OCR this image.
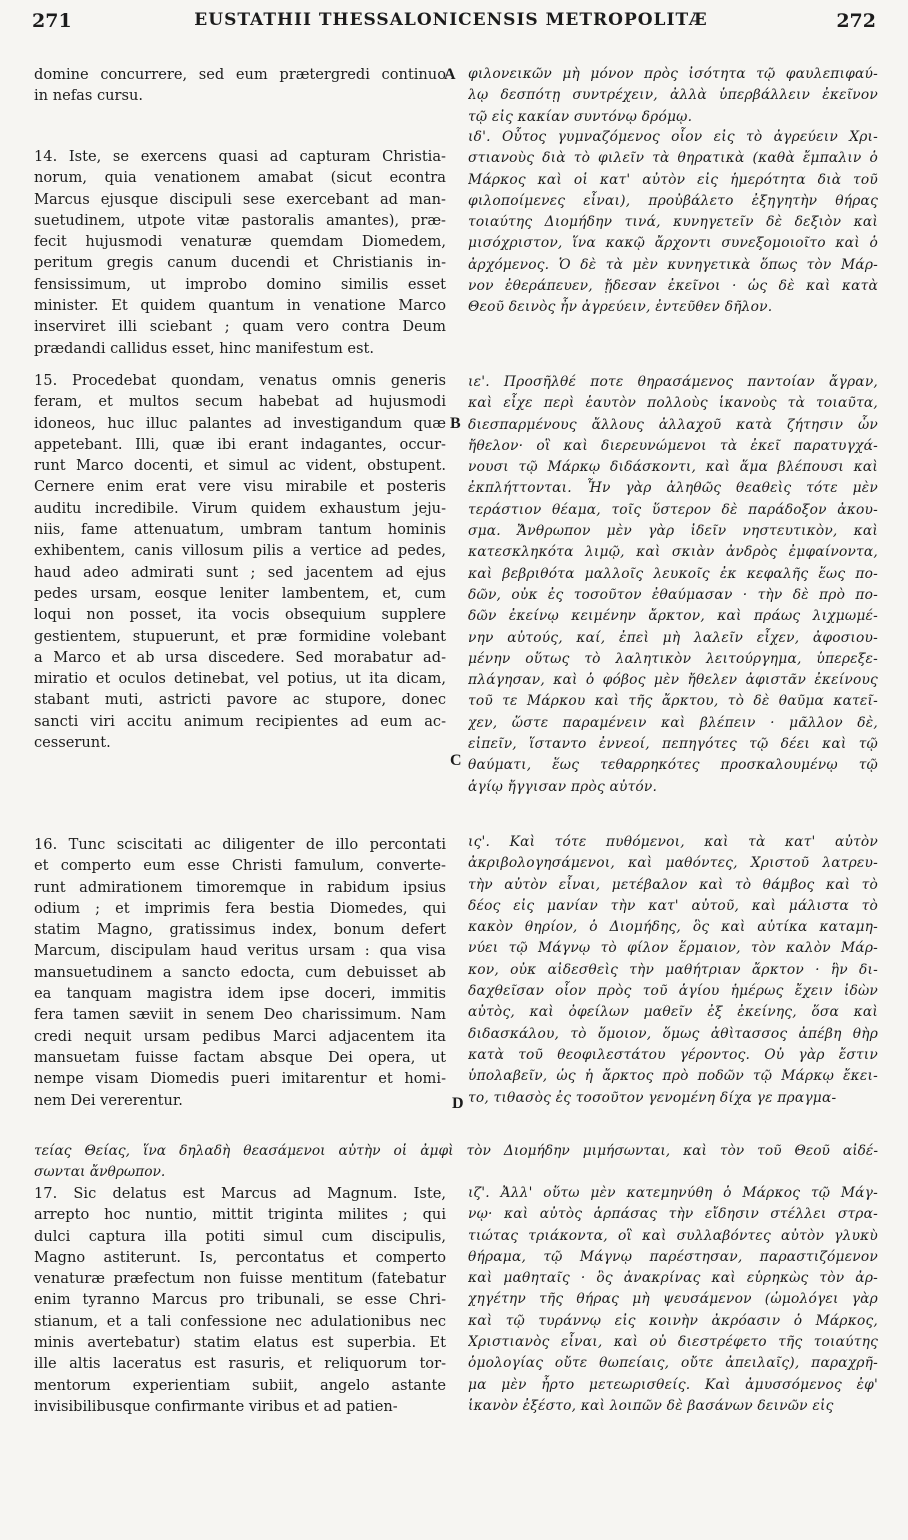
271	EUSTATHII THESSALONICENSIS METROPOLITÆ	272
A
B
C
D
domine concurrere, sed eum prætergredi continuo
in nefas cursu.
14. Iste, se exercens quasi ad capturam Christia-
norum, quia venationem amabat (sicut econtra
Marcus ejusque discipuli sese exercebant ad man-
suetudinem, utpote vitæ pastoralis amantes), præ-
fecit hujusmodi venaturæ quemdam Diomedem,
peritum gregis canum ducendi et Christianis in-
fensissimum, ut improbo domino similis esset
minister. Et quidem quantum in venatione Marco
inserviret illi sciebant ; quam vero contra Deum
prædandi callidus esset, hinc manifestum est.
15. Procedebat quondam, venatus omnis generis
feram, et multos secum habebat ad hujusmodi
idoneos, huc illuc palantes ad investigandum quæ
appetebant. Illi, quæ ibi erant indagantes, occur-
runt Marco docenti, et simul ac vident, obstupent.
Cernere enim erat vere visu mirabile et posteris
auditu incredibile. Virum quidem exhaustum jeju-
niis, fame attenuatum, umbram tantum hominis
exhibentem, canis villosum pilis a vertice ad pedes,
haud adeo admirati sunt ; sed jacentem ad ejus
pedes ursam, eosque leniter lambentem, et, cum
loqui non posset, ita vocis obsequium supplere
gestientem, stupuerunt, et præ formidine volebant
a Marco et ab ursa discedere. Sed morabatur ad-
miratio et oculos detinebat, vel potius, ut ita dicam,
stabant muti, astricti pavore ac stupore, donec
sancti viri accitu animum recipientes ad eum ac-
cesserunt.
16. Tunc sciscitati ac diligenter de illo percontati
et comperto eum esse Christi famulum, converte-
runt admirationem timoremque in rabidum ipsius
odium ; et imprimis fera bestia Diomedes, qui
statim Magno, gratissimus index, bonum defert
Marcum, discipulam haud veritus ursam : qua visa
mansuetudinem a sancto edocta, cum debuisset ab
ea tanquam magistra idem ipse doceri, immitis
fera tamen sæviit in senem Deo charissimum. Nam
credi nequit ursam pedibus Marci adjacentem ita
mansuetam fuisse factam absque Dei opera, ut
nempe visam Diomedis pueri imitarentur et homi-
nem Dei vererentur.
17. Sic delatus est Marcus ad Magnum. Iste,
arrepto hoc nuntio, mittit triginta milites ; qui
dulci captura illa potiti simul cum discipulis,
Magno astiterunt. Is, percontatus et comperto
venaturæ præfectum non fuisse mentitum (fatebatur
enim tyranno Marcus pro tribunali, se esse Chri-
stianum, et a tali confessione nec adulationibus nec
minis avertebatur) statim elatus est superbia. Et
ille altis laceratus est rasuris, et reliquorum tor-
mentorum experientiam subiit, angelo astante
invisibilibusque confirmante viribus et ad patien-
φιλονεικῶν μὴ μόνον πρὸς ἰσότητα τῷ φαυλεπιφαύ-
λῳ δεσπότῃ συντρέχειν, ἀλλὰ ὑπερβάλλειν ἐκεῖνον
τῷ εἰς κακίαν συντόνῳ δρόμῳ.
ιδ'. Οὗτος γυμναζόμενος οἷον εἰς τὸ ἀγρεύειν Χρι-
στιανοὺς διὰ τὸ φιλεῖν τὰ θηρατικὰ (καθὰ ἔμπαλιν ὁ
Μάρκος καὶ οἱ κατ' αὐτὸν εἰς ἡμερότητα διὰ τοῦ
φιλοποίμενες εἶναι), προὐβάλετο ἐξηγητὴν θήρας
τοιαύτης Διομήδην τινά, κυνηγετεῖν δὲ δεξιὸν καὶ
μισόχριστον, ἵνα κακῷ ἄρχοντι συνεξομοιοῖτο καὶ ὁ
ἀρχόμενος. Ὁ δὲ τὰ μὲν κυνηγετικὰ ὅπως τὸν Μάρ-
νον ἐθεράπευεν, ᾔδεσαν ἐκεῖνοι · ὡς δὲ καὶ κατὰ
Θεοῦ δεινὸς ἦν ἀγρεύειν, ἐντεῦθεν δῆλον.
ιε'. Προσῆλθέ ποτε θηρασάμενος παντοίαν ἄγραν,
καὶ εἶχε περὶ ἑαυτὸν πολλοὺς ἱκανοὺς τὰ τοιαῦτα,
διεσπαρμένους ἄλλους ἀλλαχοῦ κατὰ ζήτησιν ὧν
ἤθελον· οἳ καὶ διερευνώμενοι τὰ ἐκεῖ παρατυγχά-
νουσι τῷ Μάρκῳ διδάσκοντι, καὶ ἅμα βλέπουσι καὶ
ἐκπλήττονται. Ἦν γὰρ ἀληθῶς θεαθεὶς τότε μὲν
τεράστιον θέαμα, τοῖς ὕστερον δὲ παράδοξον ἀκου-
σμα. Ἄνθρωπον μὲν γὰρ ἰδεῖν νηστευτικὸν, καὶ
κατεσκληκότα λιμῷ, καὶ σκιὰν ἀνδρὸς ἐμφαίνοντα,
καὶ βεβριθότα μαλλοῖς λευκοῖς ἐκ κεφαλῆς ἕως πο-
δῶν, οὐκ ἐς τοσοῦτον ἐθαύμασαν · τὴν δὲ πρὸ πο-
δῶν ἐκείνῳ κειμένην ἄρκτον, καὶ πράως λιχμωμέ-
νην αὐτούς, καί, ἐπεὶ μὴ λαλεῖν εἶχεν, ἀφοσιου-
μένην οὕτως τὸ λαλητικὸν λειτούργημα, ὑπερεξε-
πλάγησαν, καὶ ὁ φόβος μὲν ἤθελεν ἀφιστᾶν ἐκείνους
τοῦ τε Μάρκου καὶ τῆς ἄρκτου, τὸ δὲ θαῦμα κατεῖ-
χεν, ὥστε παραμένειν καὶ βλέπειν · μᾶλλον δὲ,
εἰπεῖν, ἵσταντο ἐννεοί, πεπηγότες τῷ δέει καὶ τῷ
θαύματι, ἕως τεθαρρηκότες προσκαλουμένῳ τῷ
ἁγίῳ ἤγγισαν πρὸς αὐτόν.
ις'. Καὶ τότε πυθόμενοι, καὶ τὰ κατ' αὐτὸν
ἀκριβολογησάμενοι, καὶ μαθόντες, Χριστοῦ λατρευ-
τὴν αὐτὸν εἶναι, μετέβαλον καὶ τὸ θάμβος καὶ τὸ
δέος εἰς μανίαν τὴν κατ' αὐτοῦ, καὶ μάλιστα τὸ
κακὸν θηρίον, ὁ Διομήδης, ὃς καὶ αὐτίκα καταμη-
νύει τῷ Μάγνῳ τὸ φίλον ἕρμαιον, τὸν καλὸν Μάρ-
κον, οὐκ αἰδεσθεὶς τὴν μαθήτριαν ἄρκτον · ἣν δι-
δαχθεῖσαν οἷον πρὸς τοῦ ἁγίου ἡμέρως ἔχειν ἰδὼν
αὐτὸς, καὶ ὀφείλων μαθεῖν ἐξ ἐκείνης, ὅσα καὶ
διδασκάλου, τὸ ὅμοιον, ὅμως ἀθὶτασσος ἀπέβη θὴρ
κατὰ τοῦ θεοφιλεστάτου γέροντος. Οὐ γὰρ ἔστιν
ὑπολαβεῖν, ὡς ἡ ἄρκτος πρὸ ποδῶν τῷ Μάρκῳ ἔκει-
το, τιθασὸς ἐς τοσοῦτον γενομένη δίχα γε πραγμα-
τείας Θείας, ἵνα δηλαδὴ θεασάμενοι αὐτὴν οἱ ἀμφὶ τὸν Διομήδην μιμήσωνται, καὶ τὸν τοῦ Θεοῦ αἰδέ-
σωνται ἄνθρωπον.
ιζ'. Ἀλλ' οὕτω μὲν κατεμηνύθη ὁ Μάρκος τῷ Μάγ-
νῳ· καὶ αὐτὸς ἁρπάσας τὴν εἴδησιν στέλλει στρα-
τιώτας τριάκοντα, οἳ καὶ συλλαβόντες αὐτὸν γλυκὺ
θήραμα, τῷ Μάγνῳ παρέστησαν, παραστιζόμενον
καὶ μαθηταῖς · ὃς ἀνακρίνας καὶ εὑρηκὼς τὸν ἀρ-
χηγέτην τῆς θήρας μὴ ψευσάμενον (ὡμολόγει γὰρ
καὶ τῷ τυράννῳ εἰς κοινὴν ἀκρόασιν ὁ Μάρκος,
Χριστιανὸς εἶναι, καὶ οὐ διεστρέφετο τῆς τοιαύτης
ὁμολογίας οὔτε θωπείαις, οὔτε ἀπειλαῖς), παραχρῆ-
μα μὲν ἦρτο μετεωρισθείς. Καὶ ἀμυσσόμενος ἐφ'
ἱκανὸν ἐξέστο, καὶ λοιπῶν δὲ βασάνων δεινῶν εἰς
